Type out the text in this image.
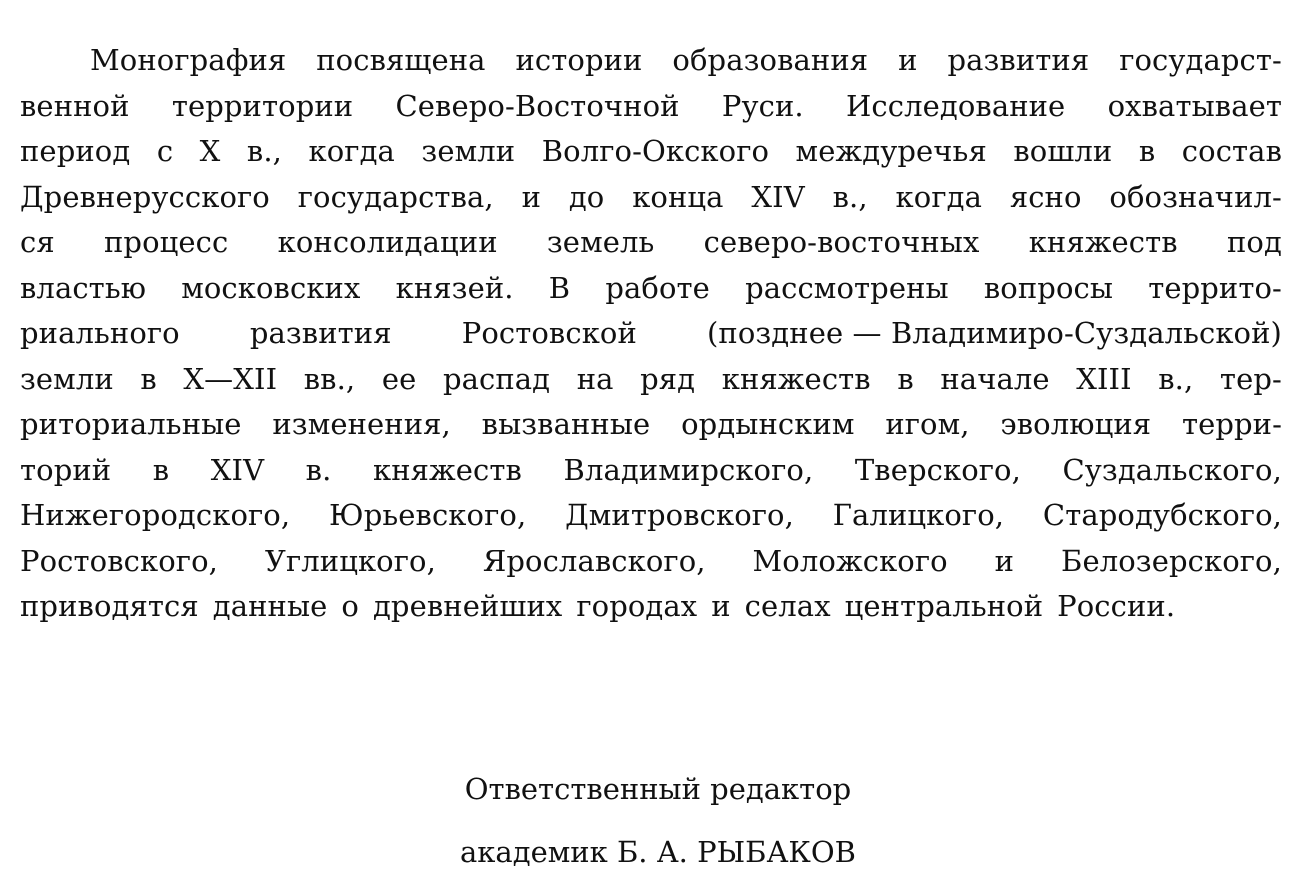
Монография посвящена истории образования и развития государст-
венной территории Северо-Восточной Руси. Исследование охватывает
период с X в., когда земли Волго-Окского междуречья вошли в состав
Древнерусского государства, и до конца XIV в., когда ясно обозначил-
ся процесс консолидации земель северо-восточных княжеств под
властью московских князей. В работе рассмотрены вопросы террито-
риального развития Ростовской (позднее — Владимиро-Суздальской)
земли в X—XII вв., ее распад на ряд княжеств в начале XIII в., тер-
риториальные изменения, вызванные ордынским игом, эволюция терри-
торий в XIV в. княжеств Владимирского, Тверского, Суздальского,
Нижегородского, Юрьевского, Дмитровского, Галицкого, Стародубского,
Ростовского, Углицкого, Ярославского, Моложского и Белозерского,
приводятся данные о древнейших городах и селах центральной России.
Ответственный редактор
академик Б. А. РЫБАКОВ
